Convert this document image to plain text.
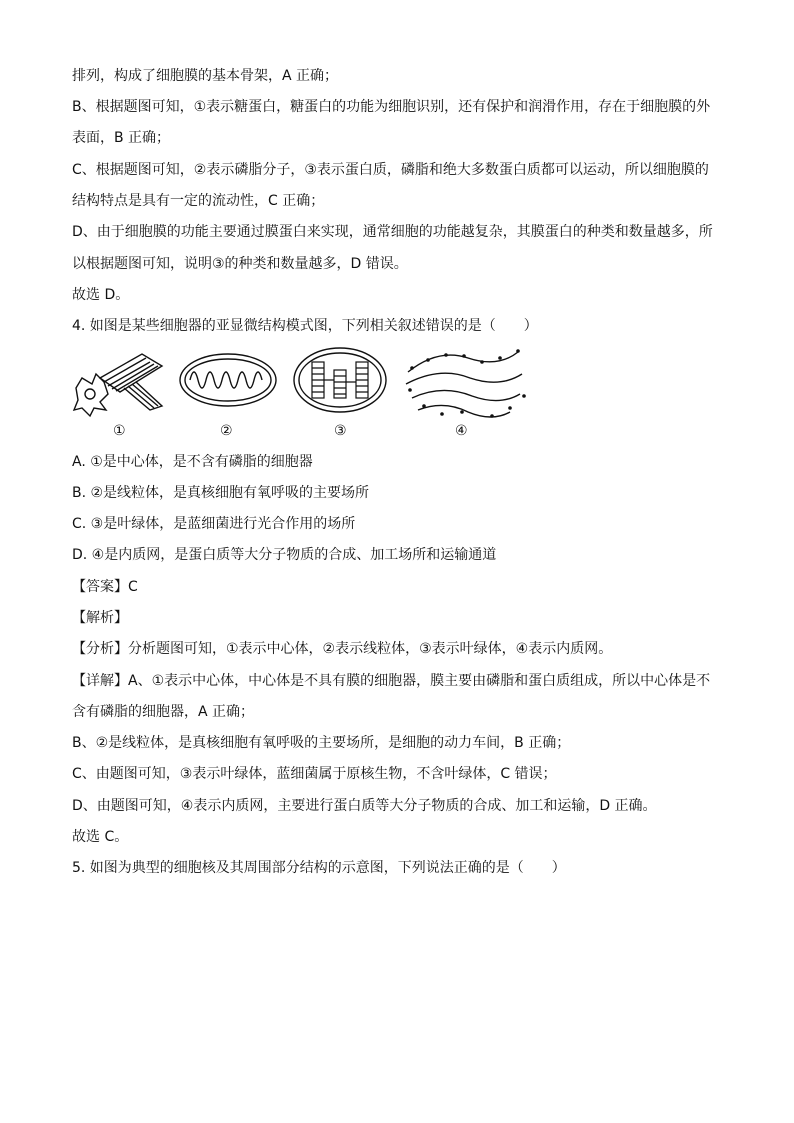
排列，构成了细胞膜的基本骨架，A 正确；
B、根据题图可知，①表示糖蛋白，糖蛋白的功能为细胞识别，还有保护和润滑作用，存在于细胞膜的外
表面，B 正确；
C、根据题图可知，②表示磷脂分子，③表示蛋白质，磷脂和绝大多数蛋白质都可以运动，所以细胞膜的
结构特点是具有一定的流动性，C 正确；
D、由于细胞膜的功能主要通过膜蛋白来实现，通常细胞的功能越复杂，其膜蛋白的种类和数量越多，所
以根据题图可知，说明③的种类和数量越多，D 错误。
故选 D。
4. 如图是某些细胞器的亚显微结构模式图，下列相关叙述错误的是（　　）
①	②	③	④
A. ①是中心体，是不含有磷脂的细胞器
B. ②是线粒体，是真核细胞有氧呼吸的主要场所
C. ③是叶绿体，是蓝细菌进行光合作用的场所
D. ④是内质网，是蛋白质等大分子物质的合成、加工场所和运输通道
【答案】C
【解析】
【分析】分析题图可知，①表示中心体，②表示线粒体，③表示叶绿体，④表示内质网。
【详解】A、①表示中心体，中心体是不具有膜的细胞器，膜主要由磷脂和蛋白质组成，所以中心体是不
含有磷脂的细胞器，A 正确；
B、②是线粒体，是真核细胞有氧呼吸的主要场所，是细胞的动力车间，B 正确；
C、由题图可知，③表示叶绿体，蓝细菌属于原核生物，不含叶绿体，C 错误；
D、由题图可知，④表示内质网，主要进行蛋白质等大分子物质的合成、加工和运输，D 正确。
故选 C。
5. 如图为典型的细胞核及其周围部分结构的示意图，下列说法正确的是（　　）
